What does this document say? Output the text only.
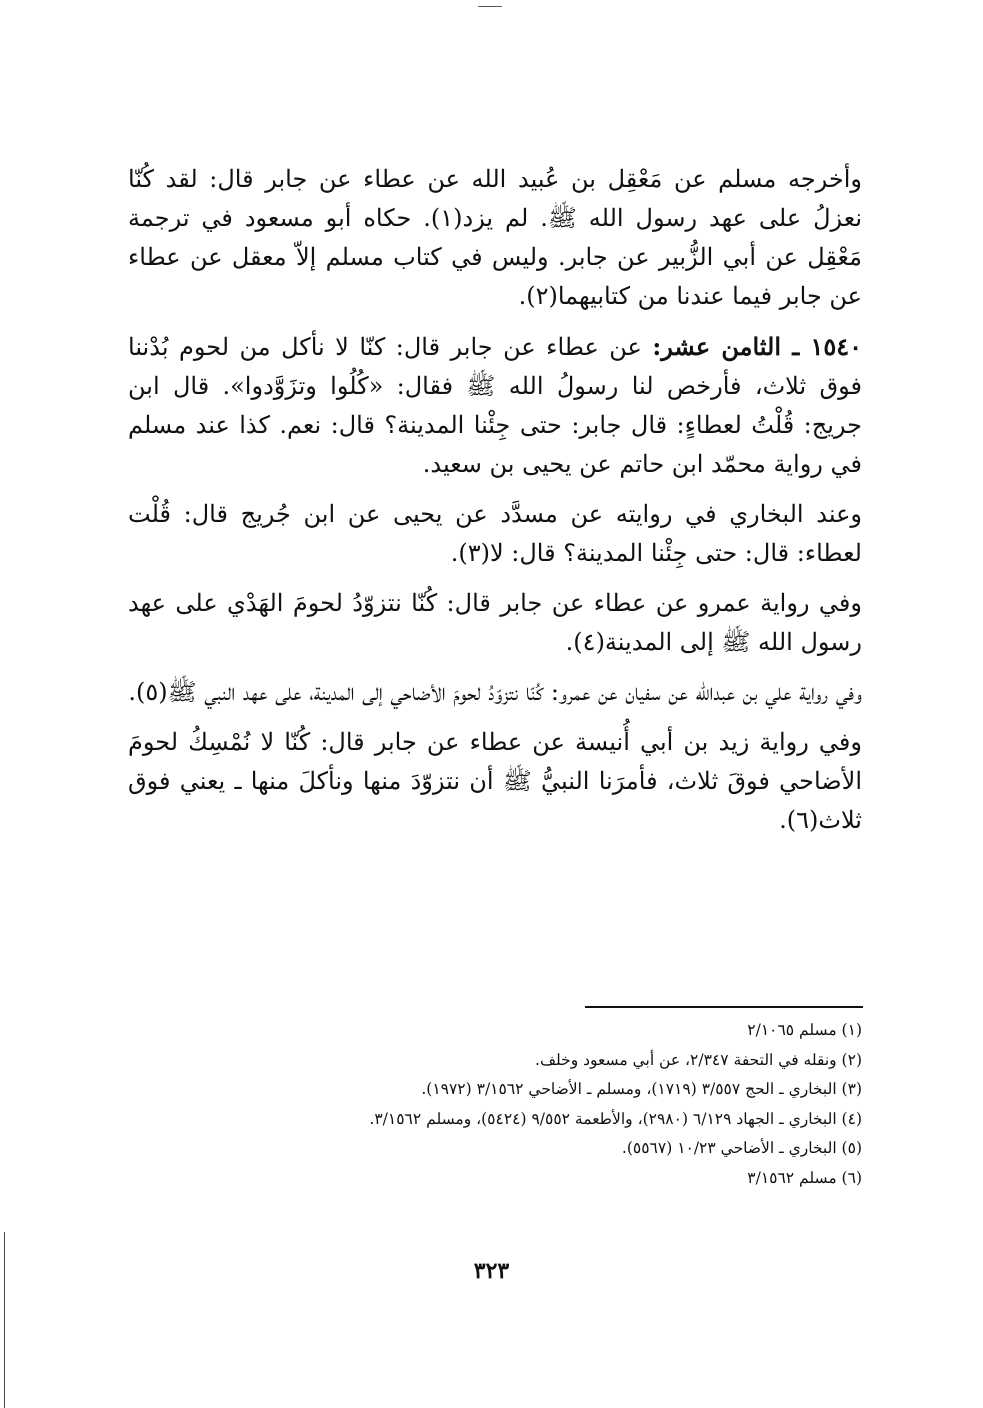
وأخرجه مسلم عن مَعْقِل بن عُبيد الله عن عطاء عن جابر قال: لقد كُنّا نعزلُ على عهد رسول الله ﷺ. لم يزد(١). حكاه أبو مسعود في ترجمة مَعْقِل عن أبي الزُّبير عن جابر. وليس في كتاب مسلم إلاّ معقل عن عطاء عن جابر فيما عندنا من كتابيهما(٢).

١٥٤٠ ـ الثامن عشر: عن عطاء عن جابر قال: كنّا لا نأكل من لحوم بُدْننا فوق ثلاث، فأرخص لنا رسولُ الله ﷺ فقال: «كُلُوا وتزَوَّدوا». قال ابن جريج: قُلْتُ لعطاءٍ: قال جابر: حتى جِئْنا المدينة؟ قال: نعم. كذا عند مسلم في رواية محمّد ابن حاتم عن يحيى بن سعيد.

وعند البخاري في روايته عن مسدَّد عن يحيى عن ابن جُريج قال: قُلْت لعطاء: قال: حتى جِئْنا المدينة؟ قال: لا(٣).

وفي رواية عمرو عن عطاء عن جابر قال: كُنّا نتزوّدُ لحومَ الهَدْي على عهد رسول الله ﷺ إلى المدينة(٤).

وفي رواية علي بن عبدالله عن سفيان عن عمرو: كُنّا نتزوّدُ لحومَ الأضاحي إلى المدينة، على عهد النبي ﷺ(٥).

وفي رواية زيد بن أبي أُنيسة عن عطاء عن جابر قال: كُنّا لا نُمْسِكُ لحومَ الأضاحي فوقَ ثلاث، فأمرَنا النبيُّ ﷺ أن نتزوّدَ منها ونأكلَ منها ـ يعني فوق ثلاث(٦).

(١) مسلم ٢/١٠٦٥
(٢) ونقله في التحفة ٢/٣٤٧، عن أبي مسعود وخلف.
(٣) البخاري ـ الحج ٣/٥٥٧ (١٧١٩)، ومسلم ـ الأضاحي ٣/١٥٦٢ (١٩٧٢).
(٤) البخاري ـ الجهاد ٦/١٢٩ (٢٩٨٠)، والأطعمة ٩/٥٥٢ (٥٤٢٤)، ومسلم ٣/١٥٦٢.
(٥) البخاري ـ الأضاحي ١٠/٢٣ (٥٥٦٧).
(٦) مسلم ٣/١٥٦٢
٣٢٣
